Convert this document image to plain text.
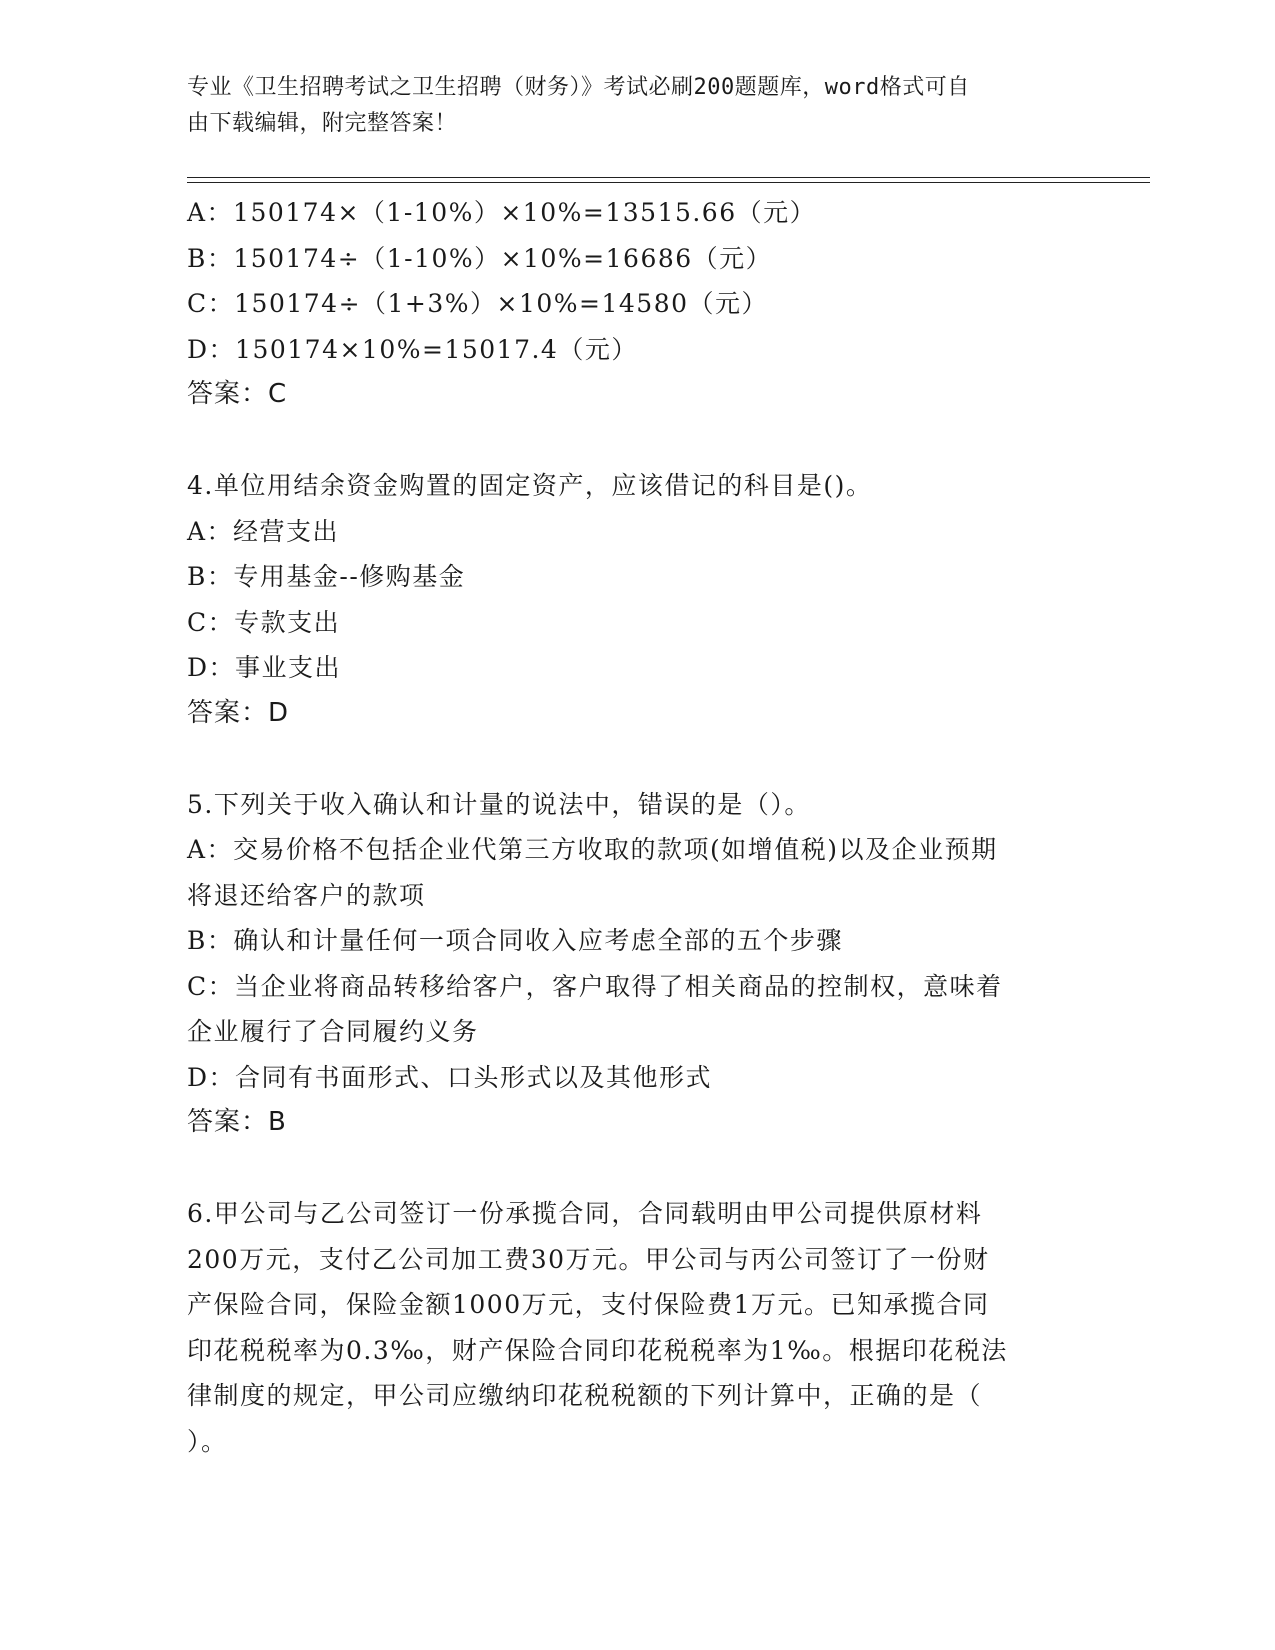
专业《卫生招聘考试之卫生招聘（财务）》考试必刷200题题库，word格式可自
由下载编辑，附完整答案！
A：150174×（1-10%）×10%=13515.66（元）
B：150174÷（1-10%）×10%=16686（元）
C：150174÷（1+3%）×10%=14580（元）
D：150174×10%=15017.4（元）
答案：C
4.单位用结余资金购置的固定资产，应该借记的科目是()。
A：经营支出
B：专用基金--修购基金
C：专款支出
D：事业支出
答案：D
5.下列关于收入确认和计量的说法中，错误的是（）。
A：交易价格不包括企业代第三方收取的款项(如增值税)以及企业预期
将退还给客户的款项
B：确认和计量任何一项合同收入应考虑全部的五个步骤
C：当企业将商品转移给客户，客户取得了相关商品的控制权，意味着
企业履行了合同履约义务
D：合同有书面形式、口头形式以及其他形式
答案：B
6.甲公司与乙公司签订一份承揽合同，合同载明由甲公司提供原材料
200万元，支付乙公司加工费30万元。甲公司与丙公司签订了一份财
产保险合同，保险金额1000万元，支付保险费1万元。已知承揽合同
印花税税率为0.3‰，财产保险合同印花税税率为1‰。根据印花税法
律制度的规定，甲公司应缴纳印花税税额的下列计算中，正确的是（
）。
